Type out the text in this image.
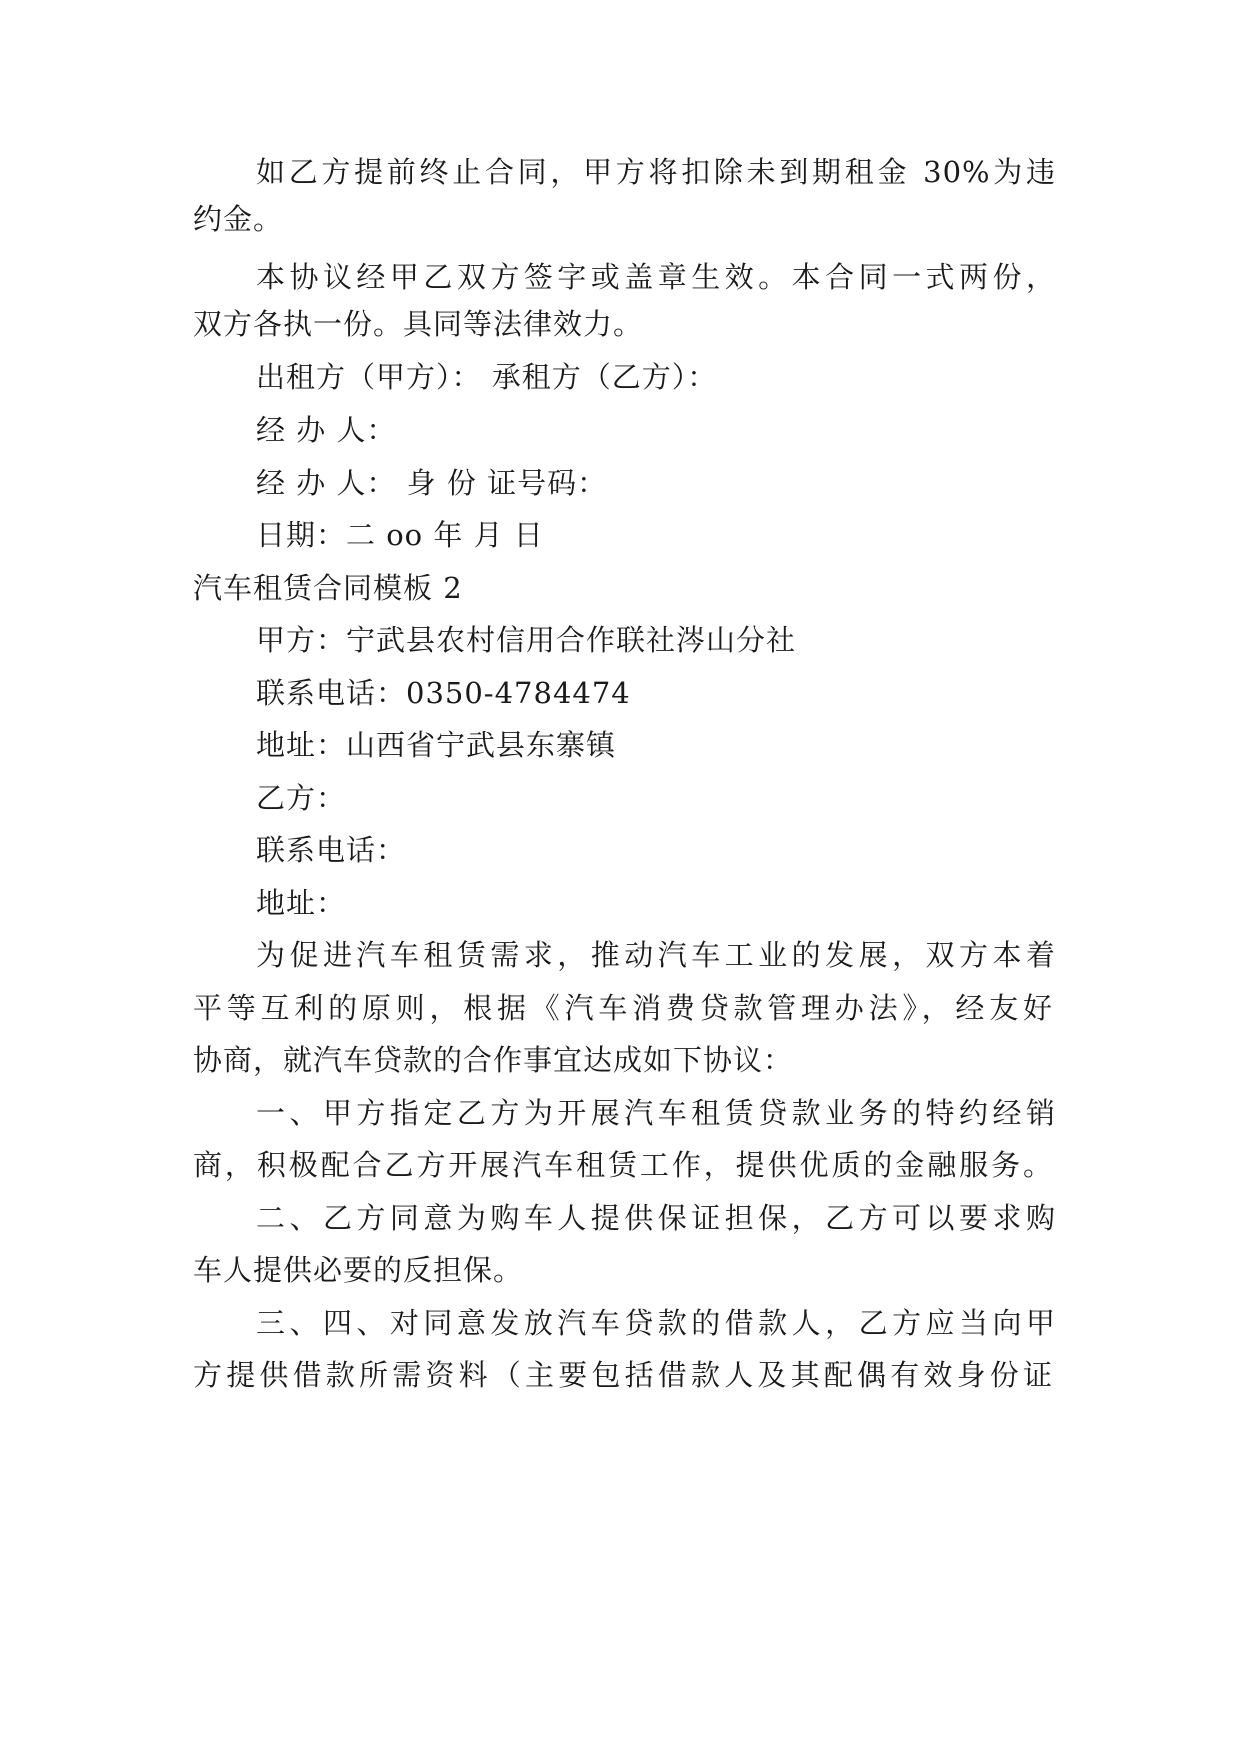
如乙方提前终止合同，甲方将扣除未到期租金 30%为违
约金。
本协议经甲乙双方签字或盖章生效。本合同一式两份，
双方各执一份。具同等法律效力。
出租方（甲方）： 承租方（乙方）：
经 办 人：
经 办 人： 身 份 证号码：
日期：二 oo 年 月 日
汽车租赁合同模板 2
甲方：宁武县农村信用合作联社涔山分社
联系电话：0350-4784474
地址：山西省宁武县东寨镇
乙方：
联系电话：
地址：
为促进汽车租赁需求，推动汽车工业的发展，双方本着
平等互利的原则，根据《汽车消费贷款管理办法》，经友好
协商，就汽车贷款的合作事宜达成如下协议：
一、甲方指定乙方为开展汽车租赁贷款业务的特约经销
商，积极配合乙方开展汽车租赁工作，提供优质的金融服务。
二、乙方同意为购车人提供保证担保，乙方可以要求购
车人提供必要的反担保。
三、四、对同意发放汽车贷款的借款人，乙方应当向甲
方提供借款所需资料（主要包括借款人及其配偶有效身份证
